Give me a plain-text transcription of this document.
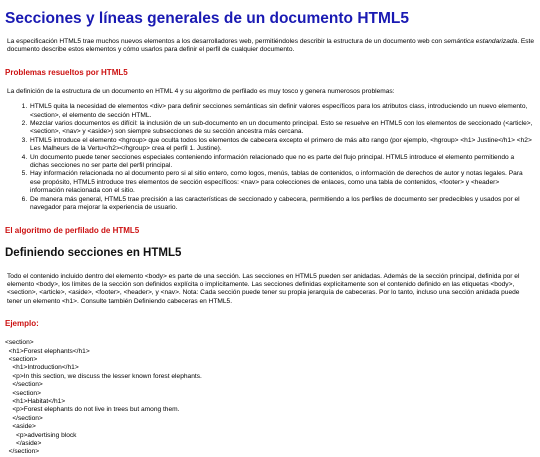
Secciones y líneas generales de un documento HTML5

La especificación HTML5 trae muchos nuevos elementos a los desarrolladores web, permitiéndoles describir la estructura de un documento web con semántica estandarizada. Este documento describe estos elementos y cómo usarlos para definir el perfil de cualquier documento.

Problemas resueltos por HTML5

La definición de la estructura de un documento en HTML 4 y su algoritmo de perfilado es muy tosco y genera numerosos problemas:

1. HTML5 quita la necesidad de elementos <div> para definir secciones semánticas sin definir valores específicos para los atributos class, introduciendo un nuevo elemento, <section>, el elemento de sección HTML.
2. Mezclar varios documentos es difícil: la inclusión de un sub-documento en un documento principal. Esto se resuelve en HTML5 con los elementos de seccionado (<article>, <section>, <nav> y <aside>) son siempre subsecciones de su sección ancestra más cercana.
3. HTML5 introduce el elemento <hgroup> que oculta todos los elementos de cabecera excepto el primero de más alto rango (por ejemplo, <hgroup> <h1> Justine</h1> <h2> Les Malheurs de la Vertu</h2></hgroup> crea el perfil 1. Justine).
4. Un documento puede tener secciones especiales conteniendo información relacionado que no es parte del flujo principal. HTML5 introduce el elemento permitiendo a dichas secciones no ser parte del perfil principal.
5. Hay información relacionada no al documento pero si al sitio entero, como logos, menús, tablas de contenidos, o información de derechos de autor y notas legales. Para ese propósito, HTML5 introduce tres elementos de sección específicos: <nav> para colecciones de enlaces, como una tabla de contenidos, <footer> y <header> información relacionada con el sitio.
6. De manera más general, HTML5 trae precisión a las características de seccionado y cabecera, permitiendo a los perfiles de documento ser predecibles y usados por el navegador para mejorar la experiencia de usuario.
El algoritmo de perfilado de HTML5
Definiendo secciones en HTML5

Todo el contenido incluido dentro del elemento <body> es parte de una sección. Las secciones en HTML5 pueden ser anidadas. Además de la sección principal, definida por el elemento <body>, los límites de la sección son definidos explícita o implícitamente. Las secciones definidas explícitamente son el contenido definido en las etiquetas <body>, <section>, <article>, <aside>, <footer>, <header>, y <nav>. Nota: Cada sección puede tener su propia jerarquía de cabeceras. Por lo tanto, incluso una sección anidada puede tener un elemento <h1>. Consulte también Definiendo cabeceras en HTML5.

Ejemplo:
<section>
<h1>Forest elephants</h1>
<section>
<h1>Introduction</h1>
<p>In this section, we discuss the lesser known forest elephants.
</section>
<section>
<h1>Habitat</h1>
<p>Forest elephants do not live in trees but among them.
</section>
<aside>
<p>advertising block
</aside>
</section>
